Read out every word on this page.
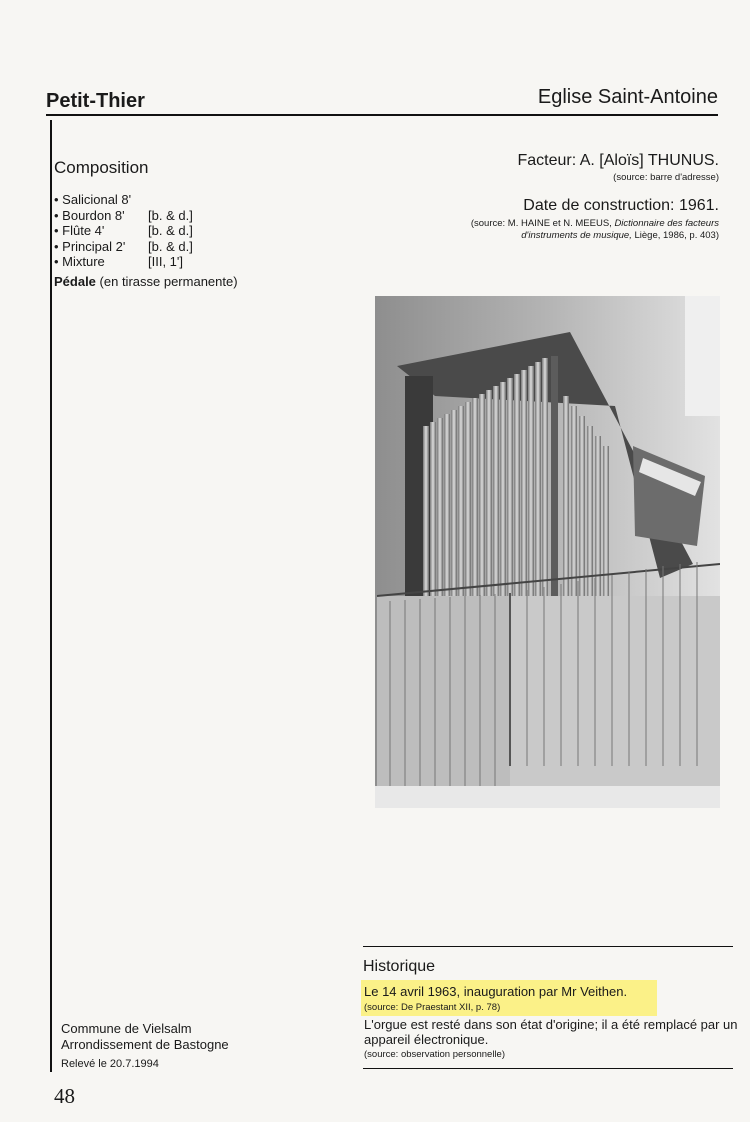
Petit-Thier	Eglise Saint-Antoine
Composition
• Salicional 8'
• Bourdon 8'	[b. & d.]
• Flûte 4'	[b. & d.]
• Principal 2'	[b. & d.]
• Mixture	[III, 1']
Pédale (en tirasse permanente)
Facteur: A. [Aloïs] THUNUS.
(source: barre d'adresse)
Date de construction: 1961.
(source: M. HAINE et N. MEEUS, Dictionnaire des facteurs
d'instruments de musique, Liège, 1986, p. 403)
Historique
Le 14 avril 1963, inauguration par Mr Veithen.
(source: De Praestant XII, p. 78)
L'orgue est resté dans son état d'origine; il a été remplacé par un appareil électronique.
(source: observation personnelle)
Commune de Vielsalm
Arrondissement de Bastogne
Relevé le 20.7.1994
48
